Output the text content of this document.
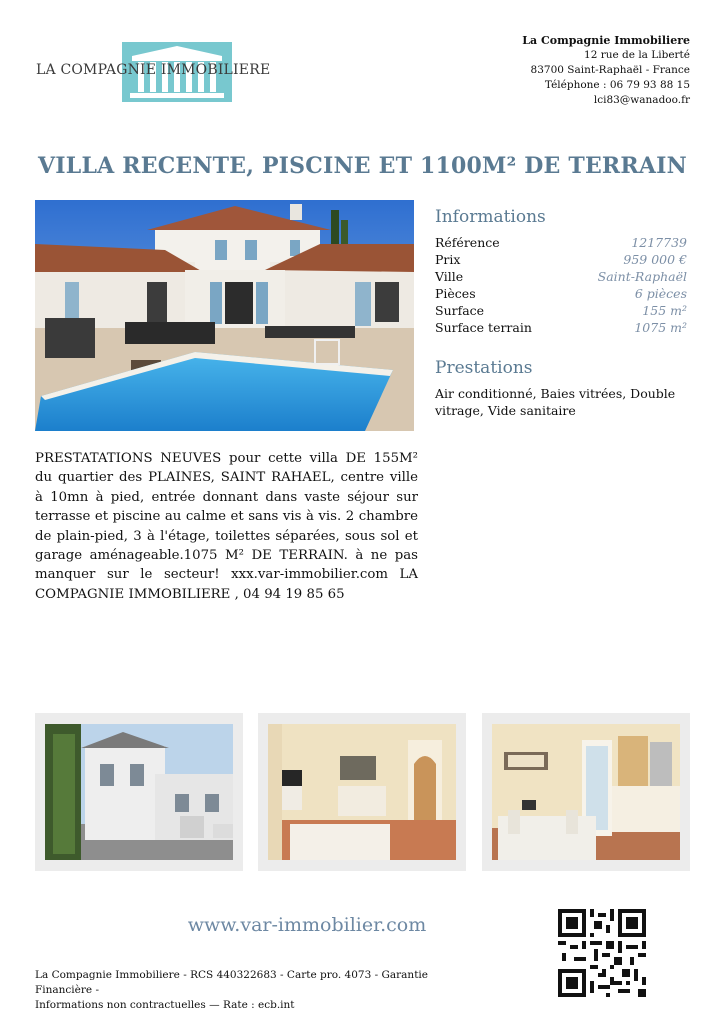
LA COMPAGNIE IMMOBILIERE
La Compagnie Immobiliere
12 rue de la Liberté
83700 Saint-Raphaël - France
Téléphone : 06 79 93 88 15
lci83@wanadoo.fr
VILLA RECENTE, PISCINE ET 1100M² DE TERRAIN
Informations
Référence	1217739
Prix	959 000 €
Ville	Saint-Raphaël
Pièces	6 pièces
Surface	155 m²
Surface terrain	1075 m²
Prestations
Air conditionné, Baies vitrées, Double vitrage, Vide sanitaire
PRESTATATIONS NEUVES pour cette villa DE 155M² du quartier des PLAINES, SAINT RAHAEL, centre ville à 10mn à pied, entrée donnant dans vaste séjour sur terrasse et piscine au calme et sans vis à vis. 2 chambre de plain-pied, 3 à l'étage, toilettes séparées, sous sol et garage aménageable.1075 M² DE TERRAIN. à ne pas manquer sur le secteur! xxx.var-immobilier.com LA COMPAGNIE IMMOBILIERE , 04 94 19 85 65
www.var-immobilier.com
La Compagnie Immobiliere - RCS 440322683 - Carte pro. 4073 - Garantie Financière -
Informations non contractuelles — Rate : ecb.int
